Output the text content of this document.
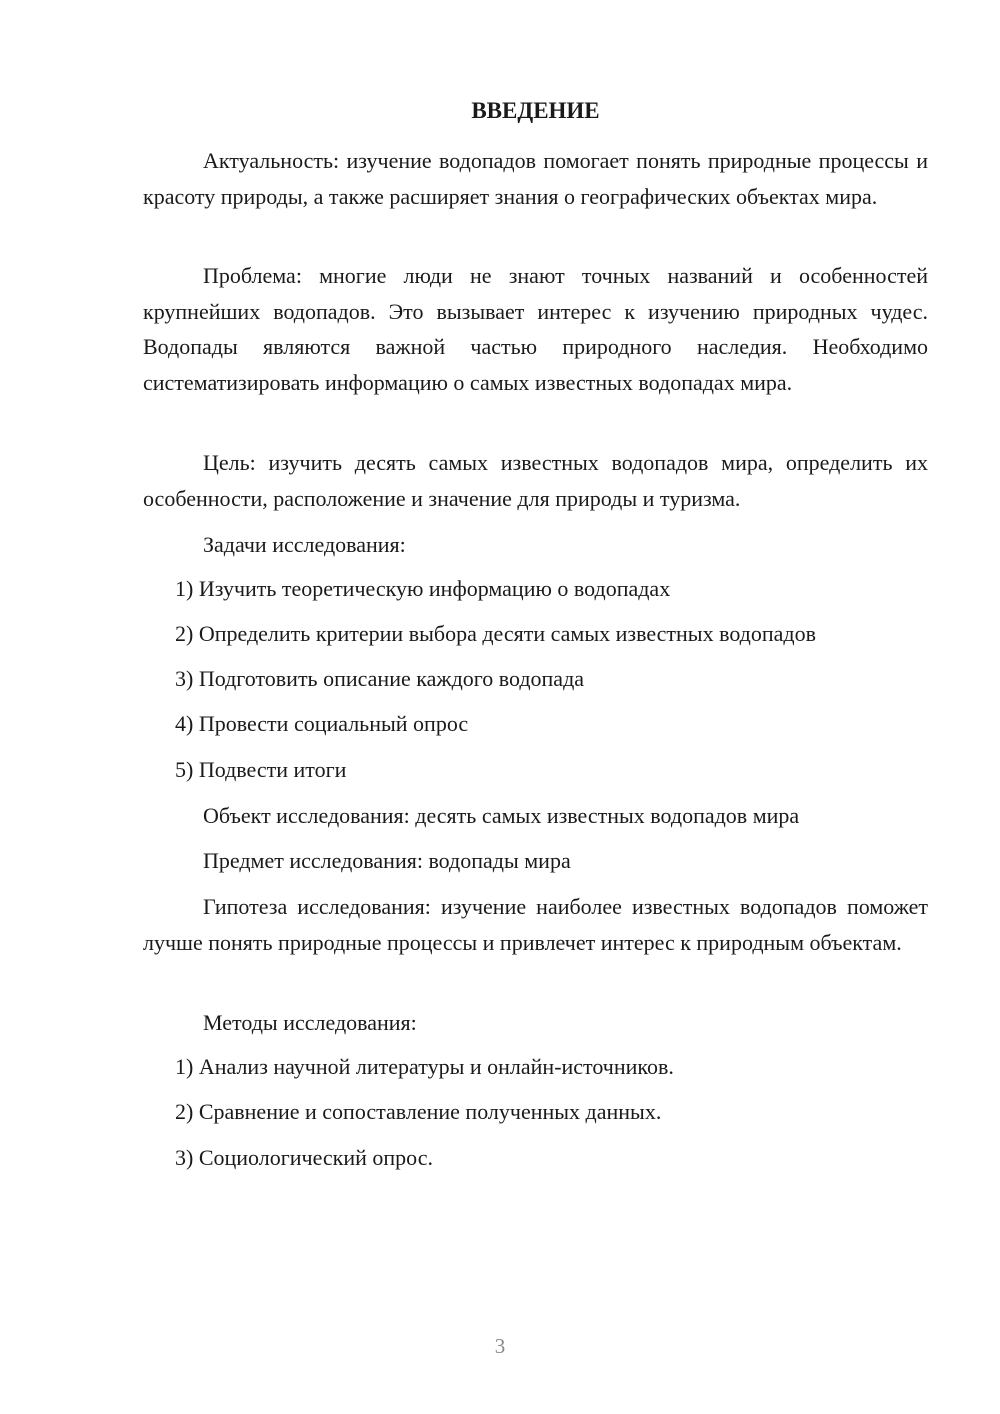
ВВЕДЕНИЕ

Актуальность: изучение водопадов помогает понять природные процессы и красоту природы, а также расширяет знания о географических объектах мира.

Проблема: многие люди не знают точных названий и особенностей крупнейших водопадов. Это вызывает интерес к изучению природных чудес. Водопады являются важной частью природного наследия. Необходимо систематизировать информацию о самых известных водопадах мира.

Цель: изучить десять самых известных водопадов мира, определить их особенности, расположение и значение для природы и туризма.

Задачи исследования:
1) Изучить теоретическую информацию о водопадах
2) Определить критерии выбора десяти самых известных водопадов
3) Подготовить описание каждого водопада
4) Провести социальный опрос
5) Подвести итоги
Объект исследования: десять самых известных водопадов мира
Предмет исследования: водопады мира

Гипотеза исследования: изучение наиболее известных водопадов поможет лучше понять природные процессы и привлечет интерес к природным объектам.

Методы исследования:
1) Анализ научной литературы и онлайн-источников.
2) Сравнение и сопоставление полученных данных.
3) Социологический опрос.
3
